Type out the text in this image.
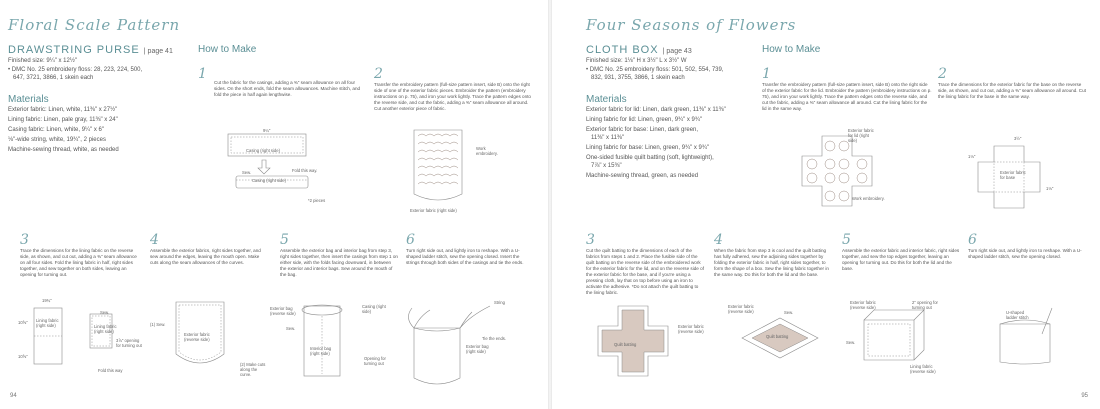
Floral Scale Pattern
DRAWSTRING PURSE | page 41
Finished size: 9¼" x 12½"
• DMC No. 25 embroidery floss: 28, 223, 224, 500,
647, 3721, 3866, 1 skein each
Materials
Exterior fabric: Linen, white, 11⅜" x 27½"
Lining fabric: Linen, pale gray, 11⅜" x 24"
Casing fabric: Linen, white, 9¼" x 6"
⅛"-wide string, white, 19¾", 2 pieces
Machine-sewing thread, white, as needed
How to Make
1
Cut the fabric for the casings, adding a ⅜" seam allowance on all four sides. On the short ends, fold the seam allowances. Machine stitch, and fold the piece in half again lengthwise.
2
Transfer the embroidery pattern (full-size pattern insert, side B) onto the right side of one of the exterior fabric pieces. Embroider the pattern (embroidery instructions on p. 75), and iron your work lightly. Trace the pattern edges onto the reverse side, and cut the fabric, adding a ⅜" seam allowance all around. Cut another exterior piece of fabric.
9¼"
Casing (right side)
Sew.	Fold this way.
Casing (right side)
*2 pieces
Work embroidery.
Exterior fabric (right side)
3
Trace the dimensions for the lining fabric on the reverse side, as shown, and cut out, adding a ⅜" seam allowance on all four sides. Fold the lining fabric in half, right sides together, and sew together on both sides, leaving an opening for turning out.
4
Assemble the exterior fabrics, right sides together, and sew around the edges, leaving the mouth open. Make cuts along the seam allowances of the curves.
5
Assemble the exterior bag and interior bag from step 3, right sides together, then insert the casings from step 1 on either side, with the folds facing downward, in between the exterior and interior bags. Sew around the mouth of the bag.
6
Turn right side out, and lightly iron to reshape. With a U-shaped ladder stitch, sew the opening closed. Insert the strings through both sides of the casings and tie the ends.
19¾"
Lining fabric (right side)
Sew.
Lining fabric (right side)
3⅞" opening for turning out
Fold this way
10⅝"
10⅝"
(1) Sew.
Exterior fabric (reverse side)
(2) Make cuts along the curve.
Exterior bag (reverse side)
Casing (right side)
Sew.
Interior bag (right side)
Opening for turning out
String
Exterior bag (right side)
Tie the ends.
94
Four Seasons of Flowers
CLOTH BOX | page 43
Finished size: 1⅛" H x 3½" L x 3½" W
• DMC No. 25 embroidery floss: 501, 502, 554, 739,
832, 931, 3755, 3866, 1 skein each
Materials
Exterior fabric for lid: Linen, dark green, 11⅜" x 11⅜"
Lining fabric for lid: Linen, green, 9¾" x 9¾"
Exterior fabric for base: Linen, dark green,
11⅜" x 11⅜"
Lining fabric for base: Linen, green, 9¾" x 9¾"
One-sided fusible quilt batting (soft, lightweight),
7⅞" x 15⅜"
Machine-sewing thread, green, as needed
How to Make
1
Transfer the embroidery pattern (full-size pattern insert, side B) onto the right side of the exterior fabric for the lid. Embroider the pattern (embroidery instructions on p. 75), and iron your work lightly. Trace the pattern edges onto the reverse side, and cut the fabric, adding a ⅜" seam allowance all around. Cut the lining fabric for the lid in the same way.
2
Trace the dimensions for the exterior fabric for the base on the reverse side, as shown, and cut out, adding a ⅜" seam allowance all around. Cut the lining fabric for the base in the same way.
Exterior fabric for lid (right side)
Work embroidery.
3½"
Exterior fabric for base
1⅛"
1⅛"
3
Cut the quilt batting to the dimensions of each of the fabrics from steps 1 and 2. Place the fusible side of the quilt batting on the reverse side of the embroidered work for the exterior fabric for the lid, and on the reverse side of the exterior fabric for the base, and if you're using a pressing cloth, lay that on top before using an iron to activate the adhesive. *Do not attach the quilt batting to the lining fabric.
4
When the fabric from step 3 is cool and the quilt batting has fully adhered, sew the adjoining sides together by folding the exterior fabric in half, right sides together, to form the shape of a box. Sew the lining fabric together in the same way. Do this for both the lid and the base.
5
Assemble the exterior fabric and interior fabric, right sides together, and sew the top edges together, leaving an opening for turning out. Do this for both the lid and the base.
6
Turn right side out, and lightly iron to reshape. With a U-shaped ladder stitch, sew the opening closed.
Quilt batting
Exterior fabric (reverse side)
Exterior fabric (reverse side)	Sew.
Quilt batting
Exterior fabric (reverse side)
2" opening for turning out
Sew.
Lining fabric (reverse side)
U-shaped ladder stitch
95
